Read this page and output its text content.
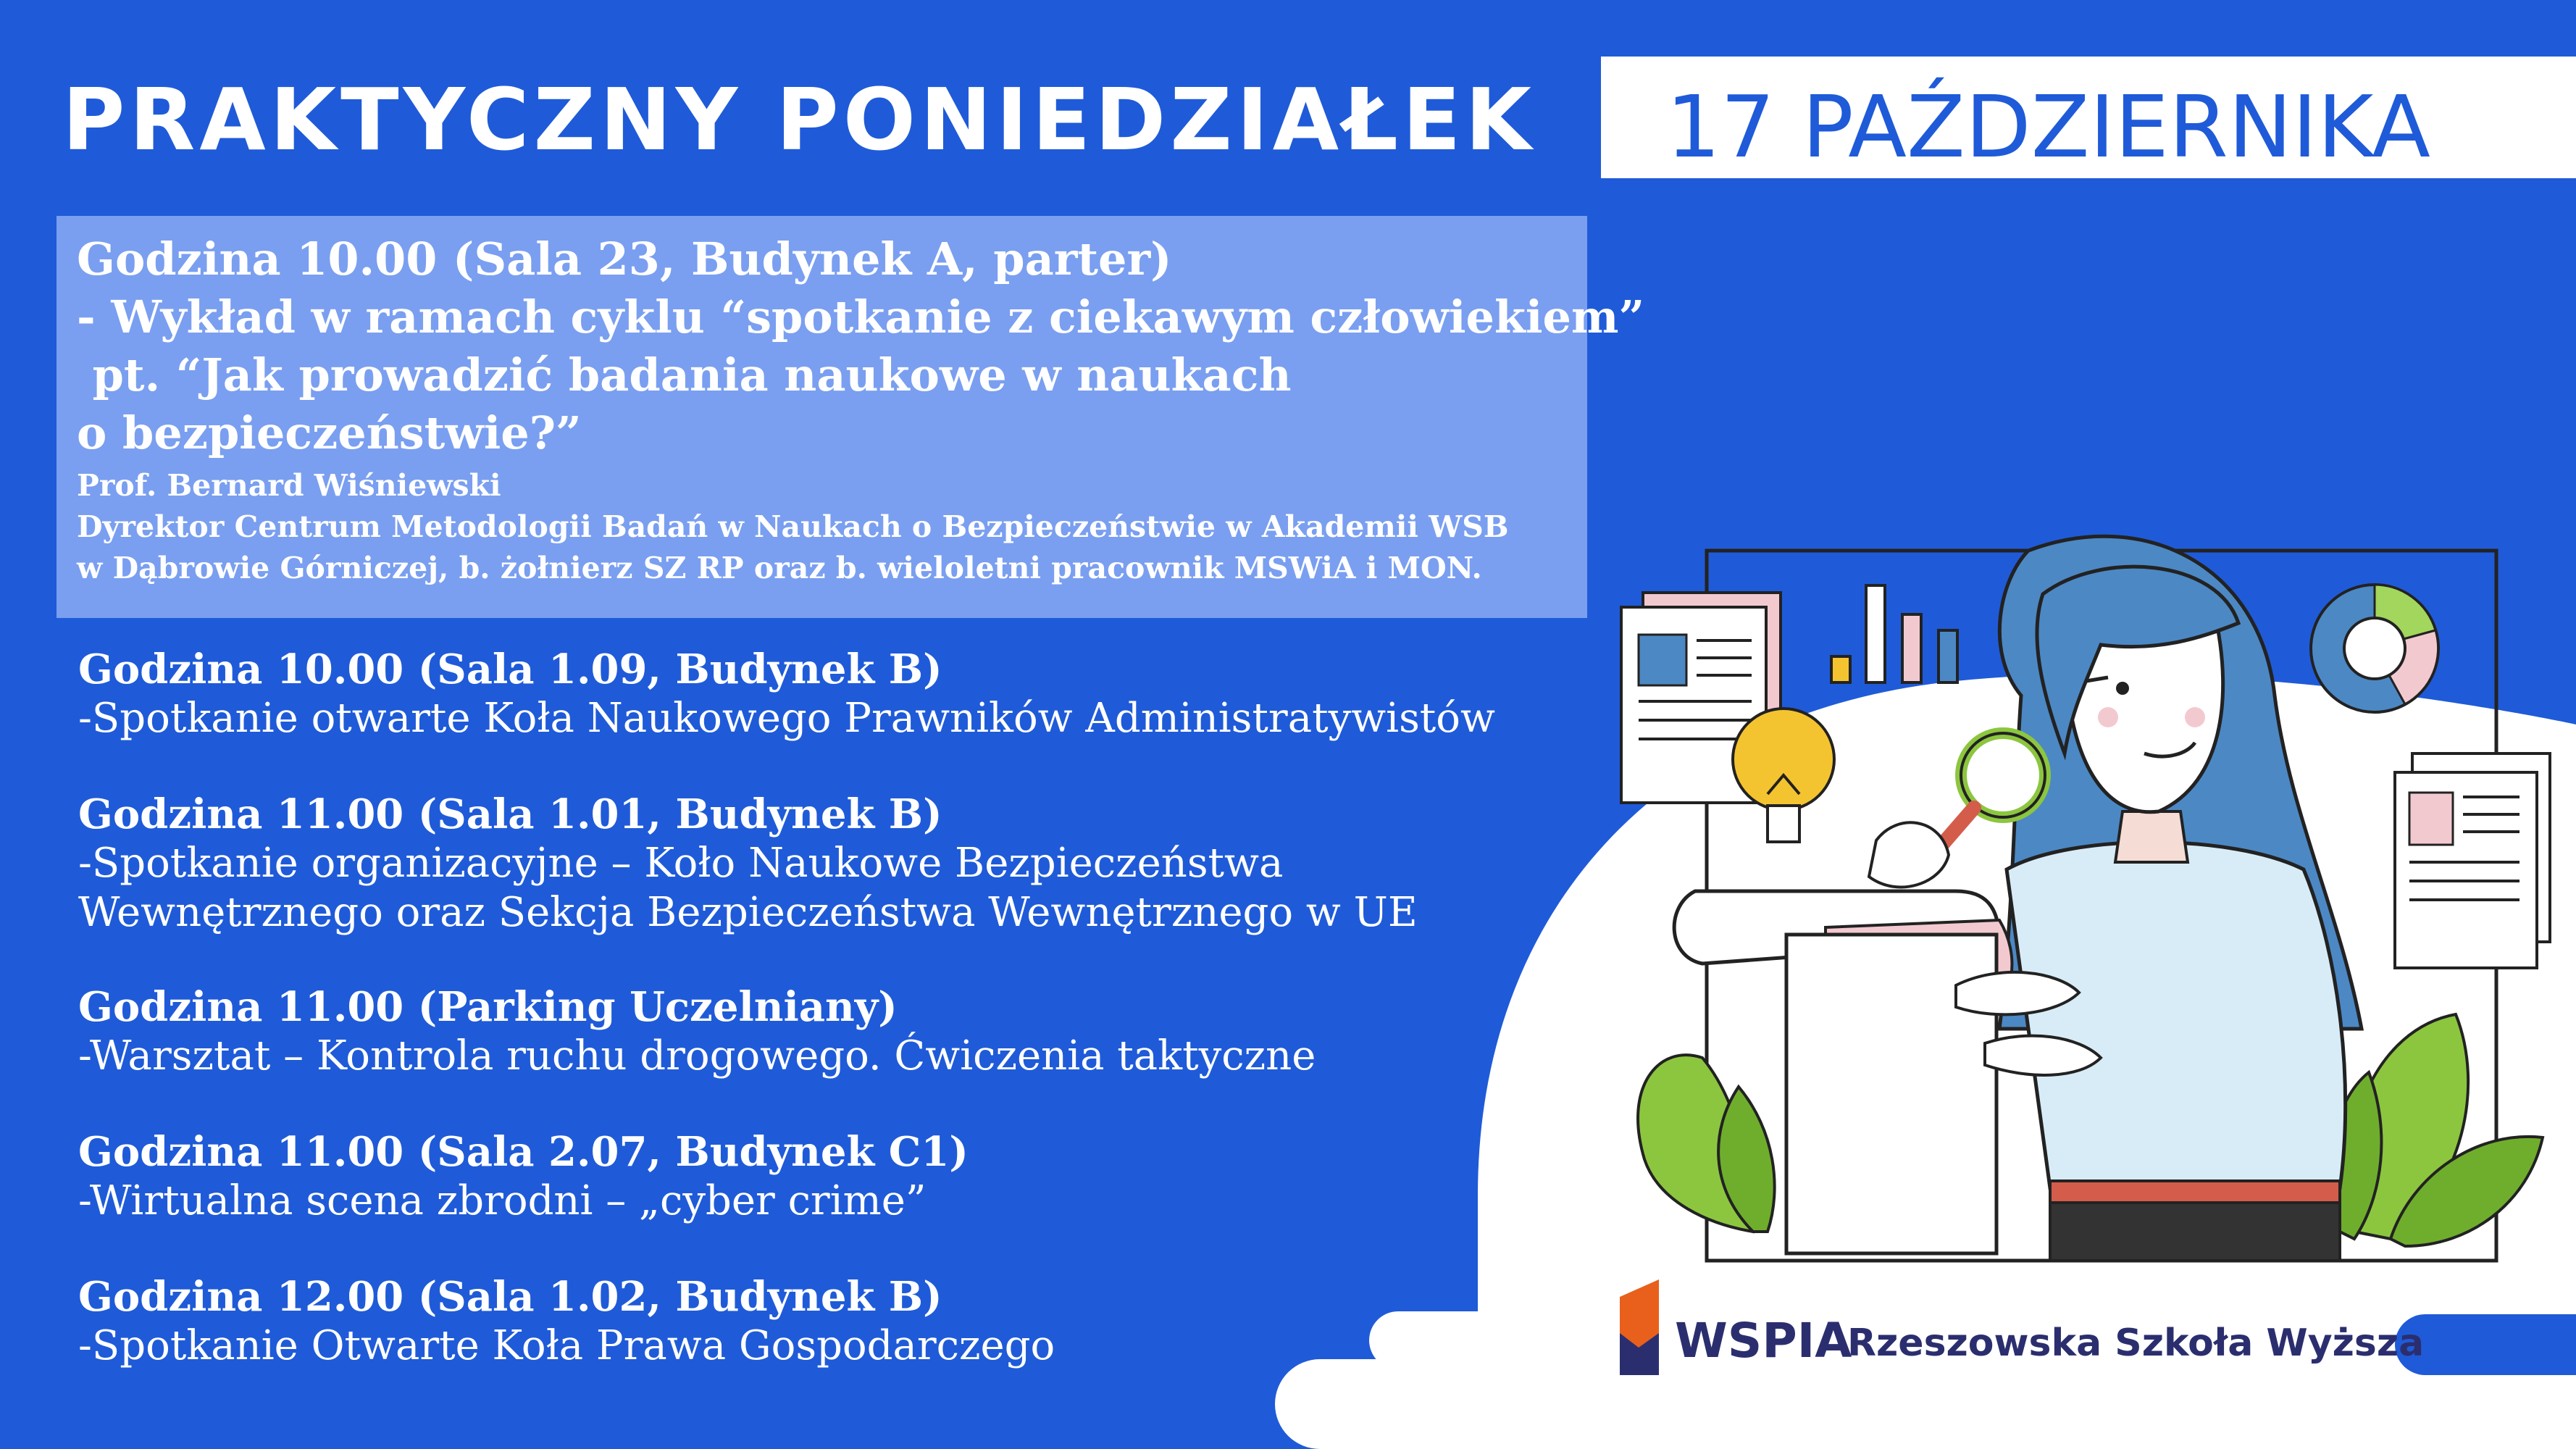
PRAKTYCZNY PONIEDZIAŁEK 17 PAŹDZIERNIKA
Godzina 10.00 (Sala 23, Budynek A, parter)
- Wykład w ramach cyklu “spotkanie z ciekawym człowiekiem”
pt. “Jak prowadzić badania naukowe w naukach
o bezpieczeństwie?”
Prof. Bernard Wiśniewski
Dyrektor Centrum Metodologii Badań w Naukach o Bezpieczeństwie w Akademii WSB
w Dąbrowie Górniczej, b. żołnierz SZ RP oraz b. wieloletni pracownik MSWiA i MON.
Godzina 10.00 (Sala 1.09, Budynek B)
-Spotkanie otwarte Koła Naukowego Prawników Administratywistów
Godzina 11.00 (Sala 1.01, Budynek B)
-Spotkanie organizacyjne – Koło Naukowe Bezpieczeństwa
Wewnętrznego oraz Sekcja Bezpieczeństwa Wewnętrznego w UE
Godzina 11.00 (Parking Uczelniany)
-Warsztat – Kontrola ruchu drogowego. Ćwiczenia taktyczne
Godzina 11.00 (Sala 2.07, Budynek C1)
-Wirtualna scena zbrodni – „cyber crime”
Godzina 12.00 (Sala 1.02, Budynek B)
-Spotkanie Otwarte Koła Prawa Gospodarczego	WSPIA
Rzeszowska Szkoła Wyższa
